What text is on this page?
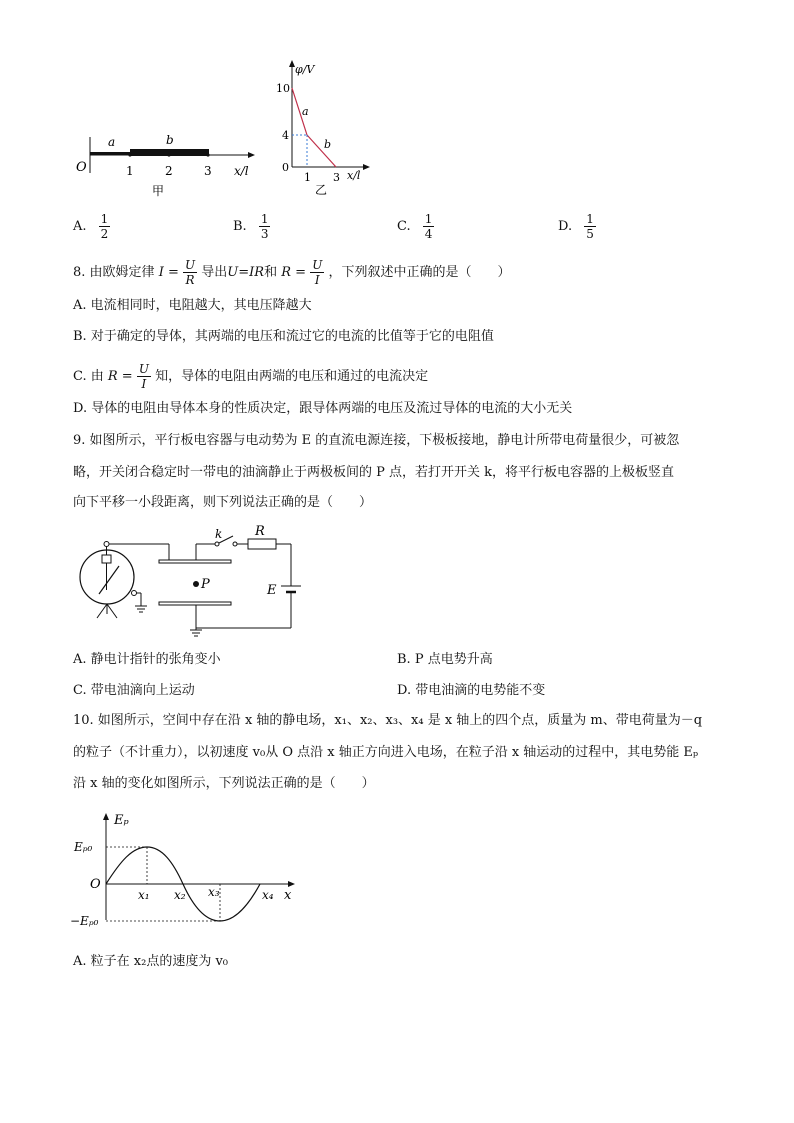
a	b
O	1	2	3 x/l
甲
φ/V
10
4
0
1 3 x/l
a
b
乙
A. $\frac{1}{2}$	B. $\frac{1}{3}$	C. $\frac{1}{4}$	D. $\frac{1}{5}$
8. 由欧姆定律 $I = \frac{U}{R}$ 导出U=IR和 $R = \frac{U}{I}$ ，下列叙述中正确的是（　　）
A. 电流相同时，电阻越大，其电压降越大
B. 对于确定的导体，其两端的电压和流过它的电流的比值等于它的电阻值
C. 由 $R = \frac{U}{I}$ 知，导体的电阻由两端的电压和通过的电流决定
D. 导体的电阻由导体本身的性质决定，跟导体两端的电压及流过导体的电流的大小无关
9. 如图所示，平行板电容器与电动势为 E 的直流电源连接，下极板接地，静电计所带电荷量很少，可被忽
略，开关闭合稳定时一带电的油滴静止于两极板间的 P 点，若打开开关 k，将平行板电容器的上极板竖直
向下平移一小段距离，则下列说法正确的是（　　）
P
k	R
E
A. 静电计指针的张角变小	B. P 点电势升高
C. 带电油滴向上运动	D. 带电油滴的电势能不变
10. 如图所示，空间中存在沿 x 轴的静电场，x₁、x₂、x₃、x₄ 是 x 轴上的四个点，质量为 m、带电荷量为－q
的粒子（不计重力），以初速度 v₀从 O 点沿 x 轴正方向进入电场，在粒子沿 x 轴运动的过程中，其电势能 Eₚ
沿 x 轴的变化如图所示，下列说法正确的是（　　）
Eₚ
Eₚ₀
−Eₚ₀
O
x₁ x₂ x₃	x₄ x
A. 粒子在 x₂点的速度为 v₀
